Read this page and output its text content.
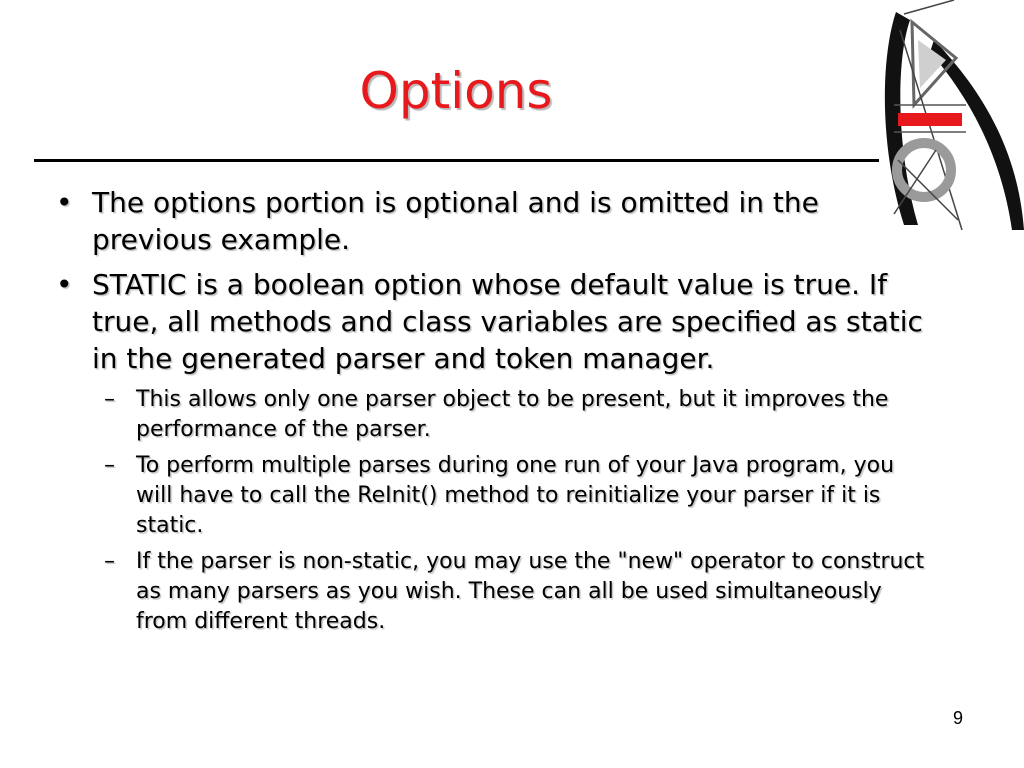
Options
• The options portion is optional and is omitted in the previous example.
• STATIC is a boolean option whose default value is true. If true, all methods and class variables are specified as static in the generated parser and token manager.
– This allows only one parser object to be present, but it improves the performance of the parser.
– To perform multiple parses during one run of your Java program, you will have to call the ReInit() method to reinitialize your parser if it is static.
– If the parser is non-static, you may use the "new" operator to construct as many parsers as you wish. These can all be used simultaneously from different threads.
9
